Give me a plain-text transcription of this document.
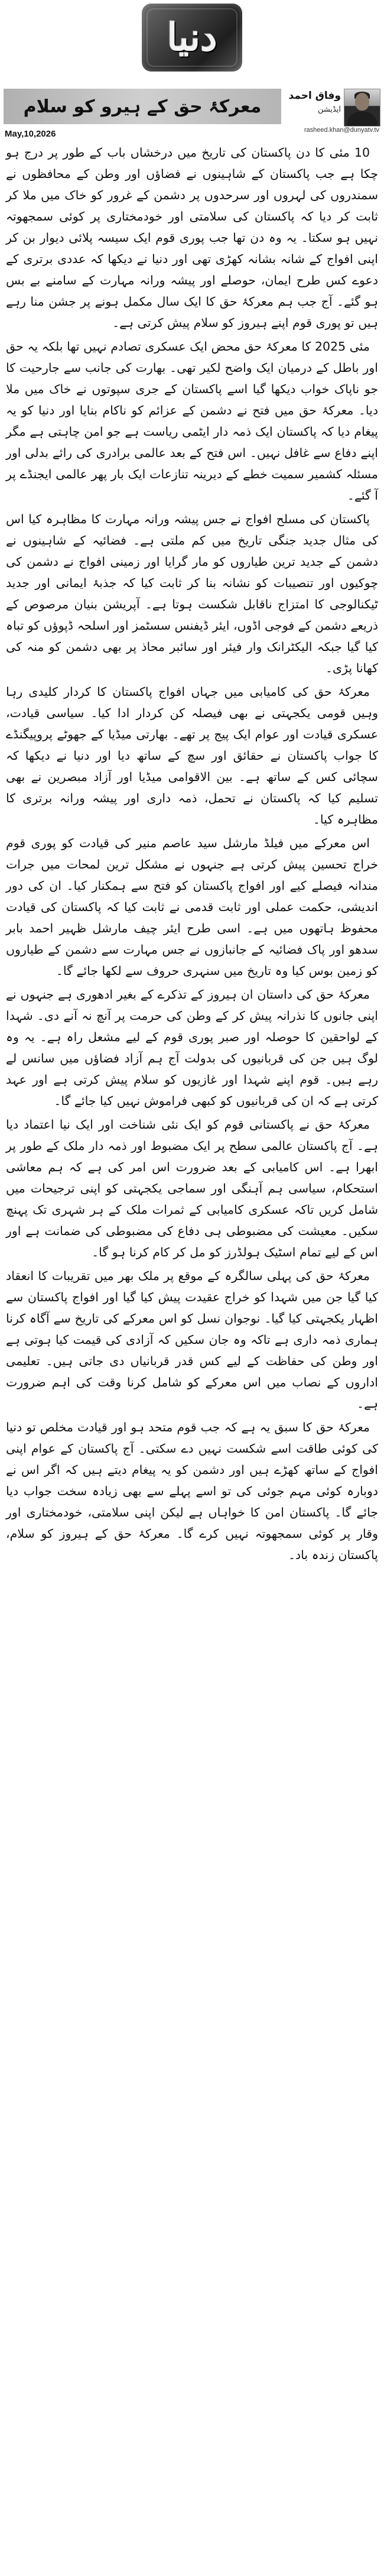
دنیا
معرکۂ حق کے ہیرو کو سلام
May,10,2026
وفاق احمد
ایڈیشن
rasheed.khan@dunyatv.tv

10 مئی کا دن پاکستان کی تاریخ میں درخشاں باب کے طور پر درج ہو چکا ہے جب پاکستان کے شاہینوں نے فضاؤں اور وطن کے محافظوں نے سمندروں کی لہروں اور سرحدوں پر دشمن کے غرور کو خاک میں ملا کر ثابت کر دیا کہ پاکستان کی سلامتی اور خودمختاری پر کوئی سمجھوتہ نہیں ہو سکتا۔ یہ وہ دن تھا جب پوری قوم ایک سیسہ پلائی دیوار بن کر اپنی افواج کے شانہ بشانہ کھڑی تھی اور دنیا نے دیکھا کہ عددی برتری کے دعوے کس طرح ایمان، حوصلے اور پیشہ ورانہ مہارت کے سامنے بے بس ہو گئے۔ آج جب ہم معرکۂ حق کا ایک سال مکمل ہونے پر جشن منا رہے ہیں تو پوری قوم اپنے ہیروز کو سلام پیش کرتی ہے۔

مئی 2025 کا معرکۂ حق محض ایک عسکری تصادم نہیں تھا بلکہ یہ حق اور باطل کے درمیان ایک واضح لکیر تھی۔ بھارت کی جانب سے جارحیت کا جو ناپاک خواب دیکھا گیا اسے پاکستان کے جری سپوتوں نے خاک میں ملا دیا۔ معرکۂ حق میں فتح نے دشمن کے عزائم کو ناکام بنایا اور دنیا کو یہ پیغام دیا کہ پاکستان ایک ذمہ دار ایٹمی ریاست ہے جو امن چاہتی ہے مگر اپنے دفاع سے غافل نہیں۔ اس فتح کے بعد عالمی برادری کی رائے بدلی اور مسئلہ کشمیر سمیت خطے کے دیرینہ تنازعات ایک بار پھر عالمی ایجنڈے پر آ گئے۔

پاکستان کی مسلح افواج نے جس پیشہ ورانہ مہارت کا مظاہرہ کیا اس کی مثال جدید جنگی تاریخ میں کم ملتی ہے۔ فضائیہ کے شاہینوں نے دشمن کے جدید ترین طیاروں کو مار گرایا اور زمینی افواج نے دشمن کی چوکیوں اور تنصیبات کو نشانہ بنا کر ثابت کیا کہ جذبۂ ایمانی اور جدید ٹیکنالوجی کا امتزاج ناقابل شکست ہوتا ہے۔ آپریشن بنیان مرصوص کے ذریعے دشمن کے فوجی اڈوں، ایئر ڈیفنس سسٹمز اور اسلحہ ڈپوؤں کو تباہ کیا گیا جبکہ الیکٹرانک وار فیئر اور سائبر محاذ پر بھی دشمن کو منہ کی کھانا پڑی۔

معرکۂ حق کی کامیابی میں جہاں افواج پاکستان کا کردار کلیدی رہا وہیں قومی یکجہتی نے بھی فیصلہ کن کردار ادا کیا۔ سیاسی قیادت، عسکری قیادت اور عوام ایک پیج پر تھے۔ بھارتی میڈیا کے جھوٹے پروپیگنڈے کا جواب پاکستان نے حقائق اور سچ کے ساتھ دیا اور دنیا نے دیکھا کہ سچائی کس کے ساتھ ہے۔ بین الاقوامی میڈیا اور آزاد مبصرین نے بھی تسلیم کیا کہ پاکستان نے تحمل، ذمہ داری اور پیشہ ورانہ برتری کا مظاہرہ کیا۔

اس معرکے میں فیلڈ مارشل سید عاصم منیر کی قیادت کو پوری قوم خراج تحسین پیش کرتی ہے جنہوں نے مشکل ترین لمحات میں جرات مندانہ فیصلے کیے اور افواج پاکستان کو فتح سے ہمکنار کیا۔ ان کی دور اندیشی، حکمت عملی اور ثابت قدمی نے ثابت کیا کہ پاکستان کی قیادت محفوظ ہاتھوں میں ہے۔ اسی طرح ایئر چیف مارشل ظہیر احمد بابر سدھو اور پاک فضائیہ کے جانبازوں نے جس مہارت سے دشمن کے طیاروں کو زمین بوس کیا وہ تاریخ میں سنہری حروف سے لکھا جائے گا۔

معرکۂ حق کی داستان ان ہیروز کے تذکرے کے بغیر ادھوری ہے جنہوں نے اپنی جانوں کا نذرانہ پیش کر کے وطن کی حرمت پر آنچ نہ آنے دی۔ شہدا کے لواحقین کا حوصلہ اور صبر پوری قوم کے لیے مشعل راہ ہے۔ یہ وہ لوگ ہیں جن کی قربانیوں کی بدولت آج ہم آزاد فضاؤں میں سانس لے رہے ہیں۔ قوم اپنے شہدا اور غازیوں کو سلام پیش کرتی ہے اور عہد کرتی ہے کہ ان کی قربانیوں کو کبھی فراموش نہیں کیا جائے گا۔

معرکۂ حق نے پاکستانی قوم کو ایک نئی شناخت اور ایک نیا اعتماد دیا ہے۔ آج پاکستان عالمی سطح پر ایک مضبوط اور ذمہ دار ملک کے طور پر ابھرا ہے۔ اس کامیابی کے بعد ضرورت اس امر کی ہے کہ ہم معاشی استحکام، سیاسی ہم آہنگی اور سماجی یکجہتی کو اپنی ترجیحات میں شامل کریں تاکہ عسکری کامیابی کے ثمرات ملک کے ہر شہری تک پہنچ سکیں۔ معیشت کی مضبوطی ہی دفاع کی مضبوطی کی ضمانت ہے اور اس کے لیے تمام اسٹیک ہولڈرز کو مل کر کام کرنا ہو گا۔

معرکۂ حق کی پہلی سالگرہ کے موقع پر ملک بھر میں تقریبات کا انعقاد کیا گیا جن میں شہدا کو خراج عقیدت پیش کیا گیا اور افواج پاکستان سے اظہار یکجہتی کیا گیا۔ نوجوان نسل کو اس معرکے کی تاریخ سے آگاہ کرنا ہماری ذمہ داری ہے تاکہ وہ جان سکیں کہ آزادی کی قیمت کیا ہوتی ہے اور وطن کی حفاظت کے لیے کس قدر قربانیاں دی جاتی ہیں۔ تعلیمی اداروں کے نصاب میں اس معرکے کو شامل کرنا وقت کی اہم ضرورت ہے۔

معرکۂ حق کا سبق یہ ہے کہ جب قوم متحد ہو اور قیادت مخلص تو دنیا کی کوئی طاقت اسے شکست نہیں دے سکتی۔ آج پاکستان کے عوام اپنی افواج کے ساتھ کھڑے ہیں اور دشمن کو یہ پیغام دیتے ہیں کہ اگر اس نے دوبارہ کوئی مہم جوئی کی تو اسے پہلے سے بھی زیادہ سخت جواب دیا جائے گا۔ پاکستان امن کا خواہاں ہے لیکن اپنی سلامتی، خودمختاری اور وقار پر کوئی سمجھوتہ نہیں کرے گا۔ معرکۂ حق کے ہیروز کو سلام، پاکستان زندہ باد۔
